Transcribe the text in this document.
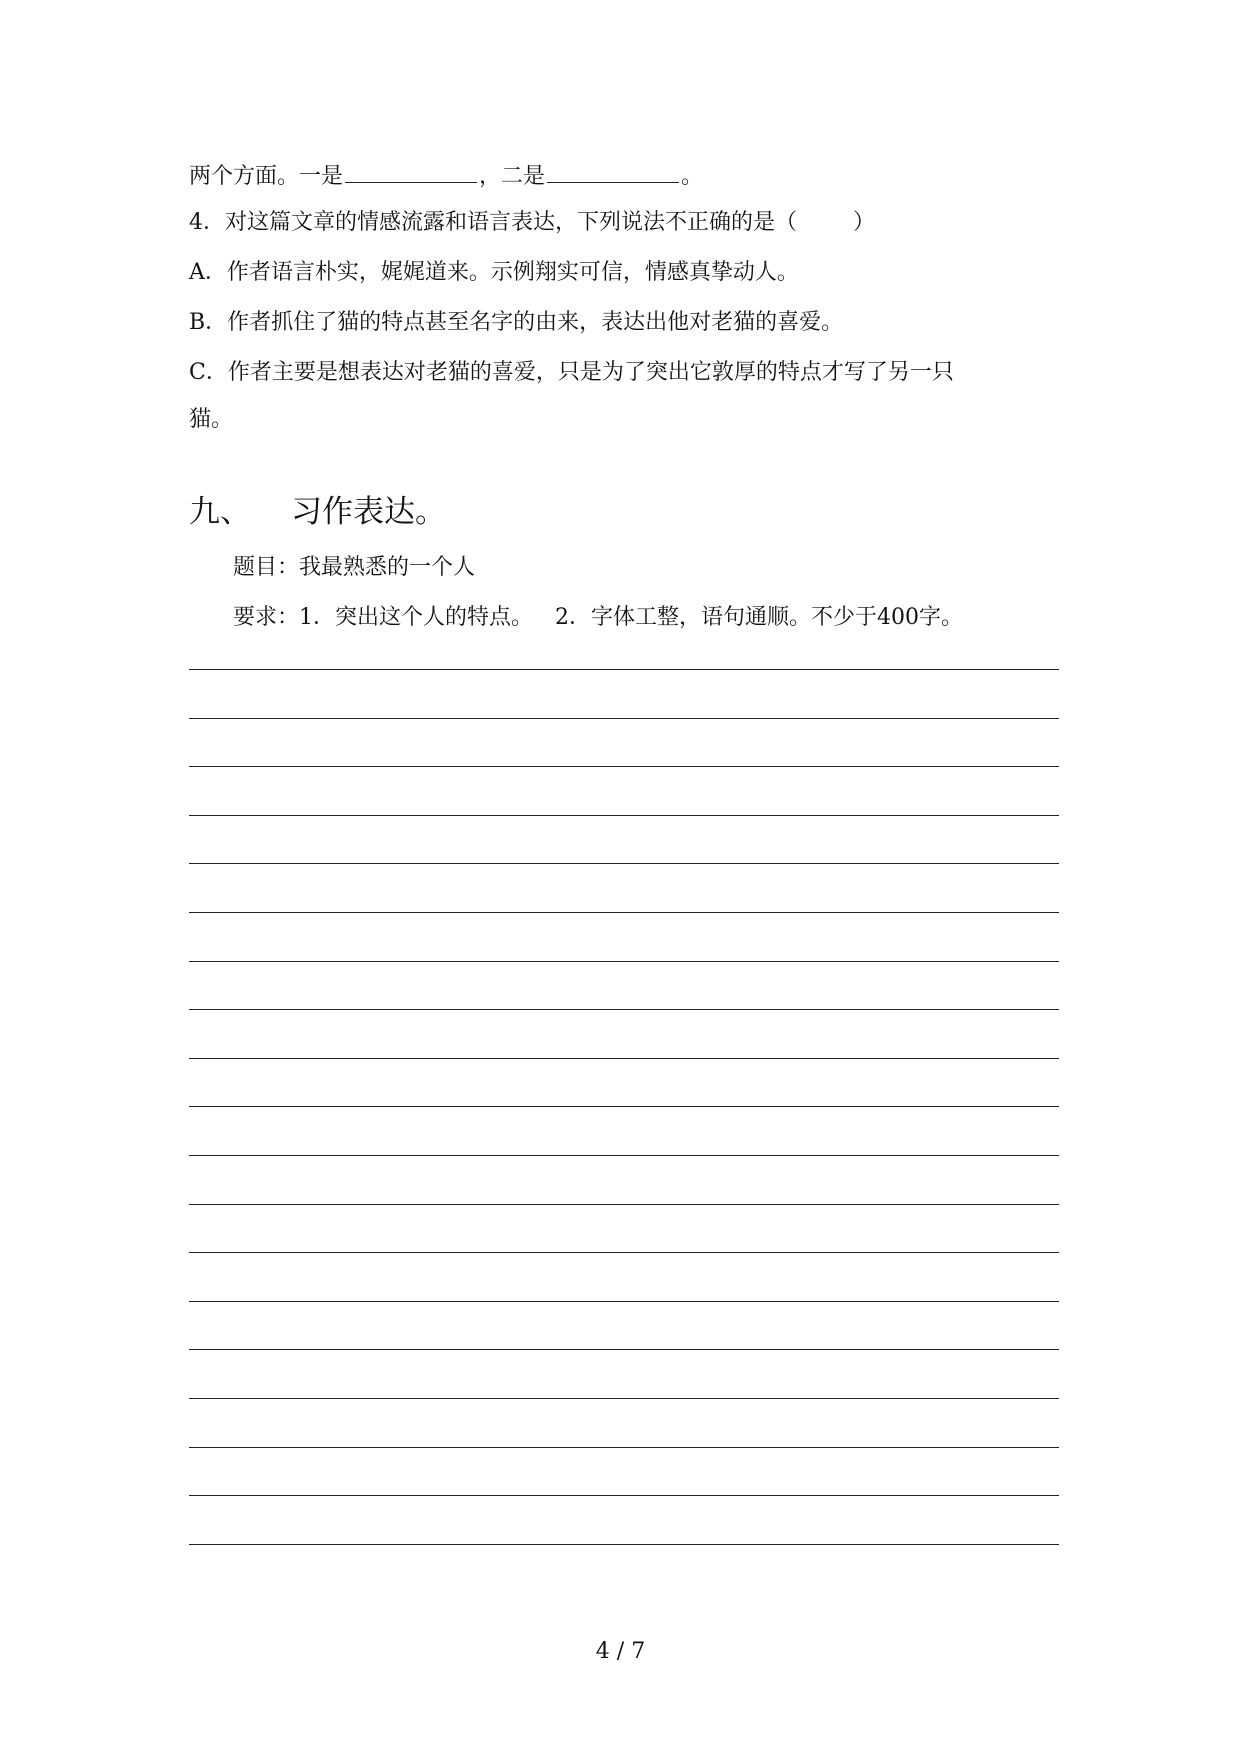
两个方面。一是	，二是	。
4．对这篇文章的情感流露和语言表达，下列说法不正确的是（	）
A．作者语言朴实，娓娓道来。示例翔实可信，情感真挚动人。
B．作者抓住了猫的特点甚至名字的由来，表达出他对老猫的喜爱。
C．作者主要是想表达对老猫的喜爱，只是为了突出它敦厚的特点才写了另一只
猫。
九、 习作表达。
题目：我最熟悉的一个人
要求：1．突出这个人的特点。 2．字体工整，语句通顺。不少于400字。
4 / 7
